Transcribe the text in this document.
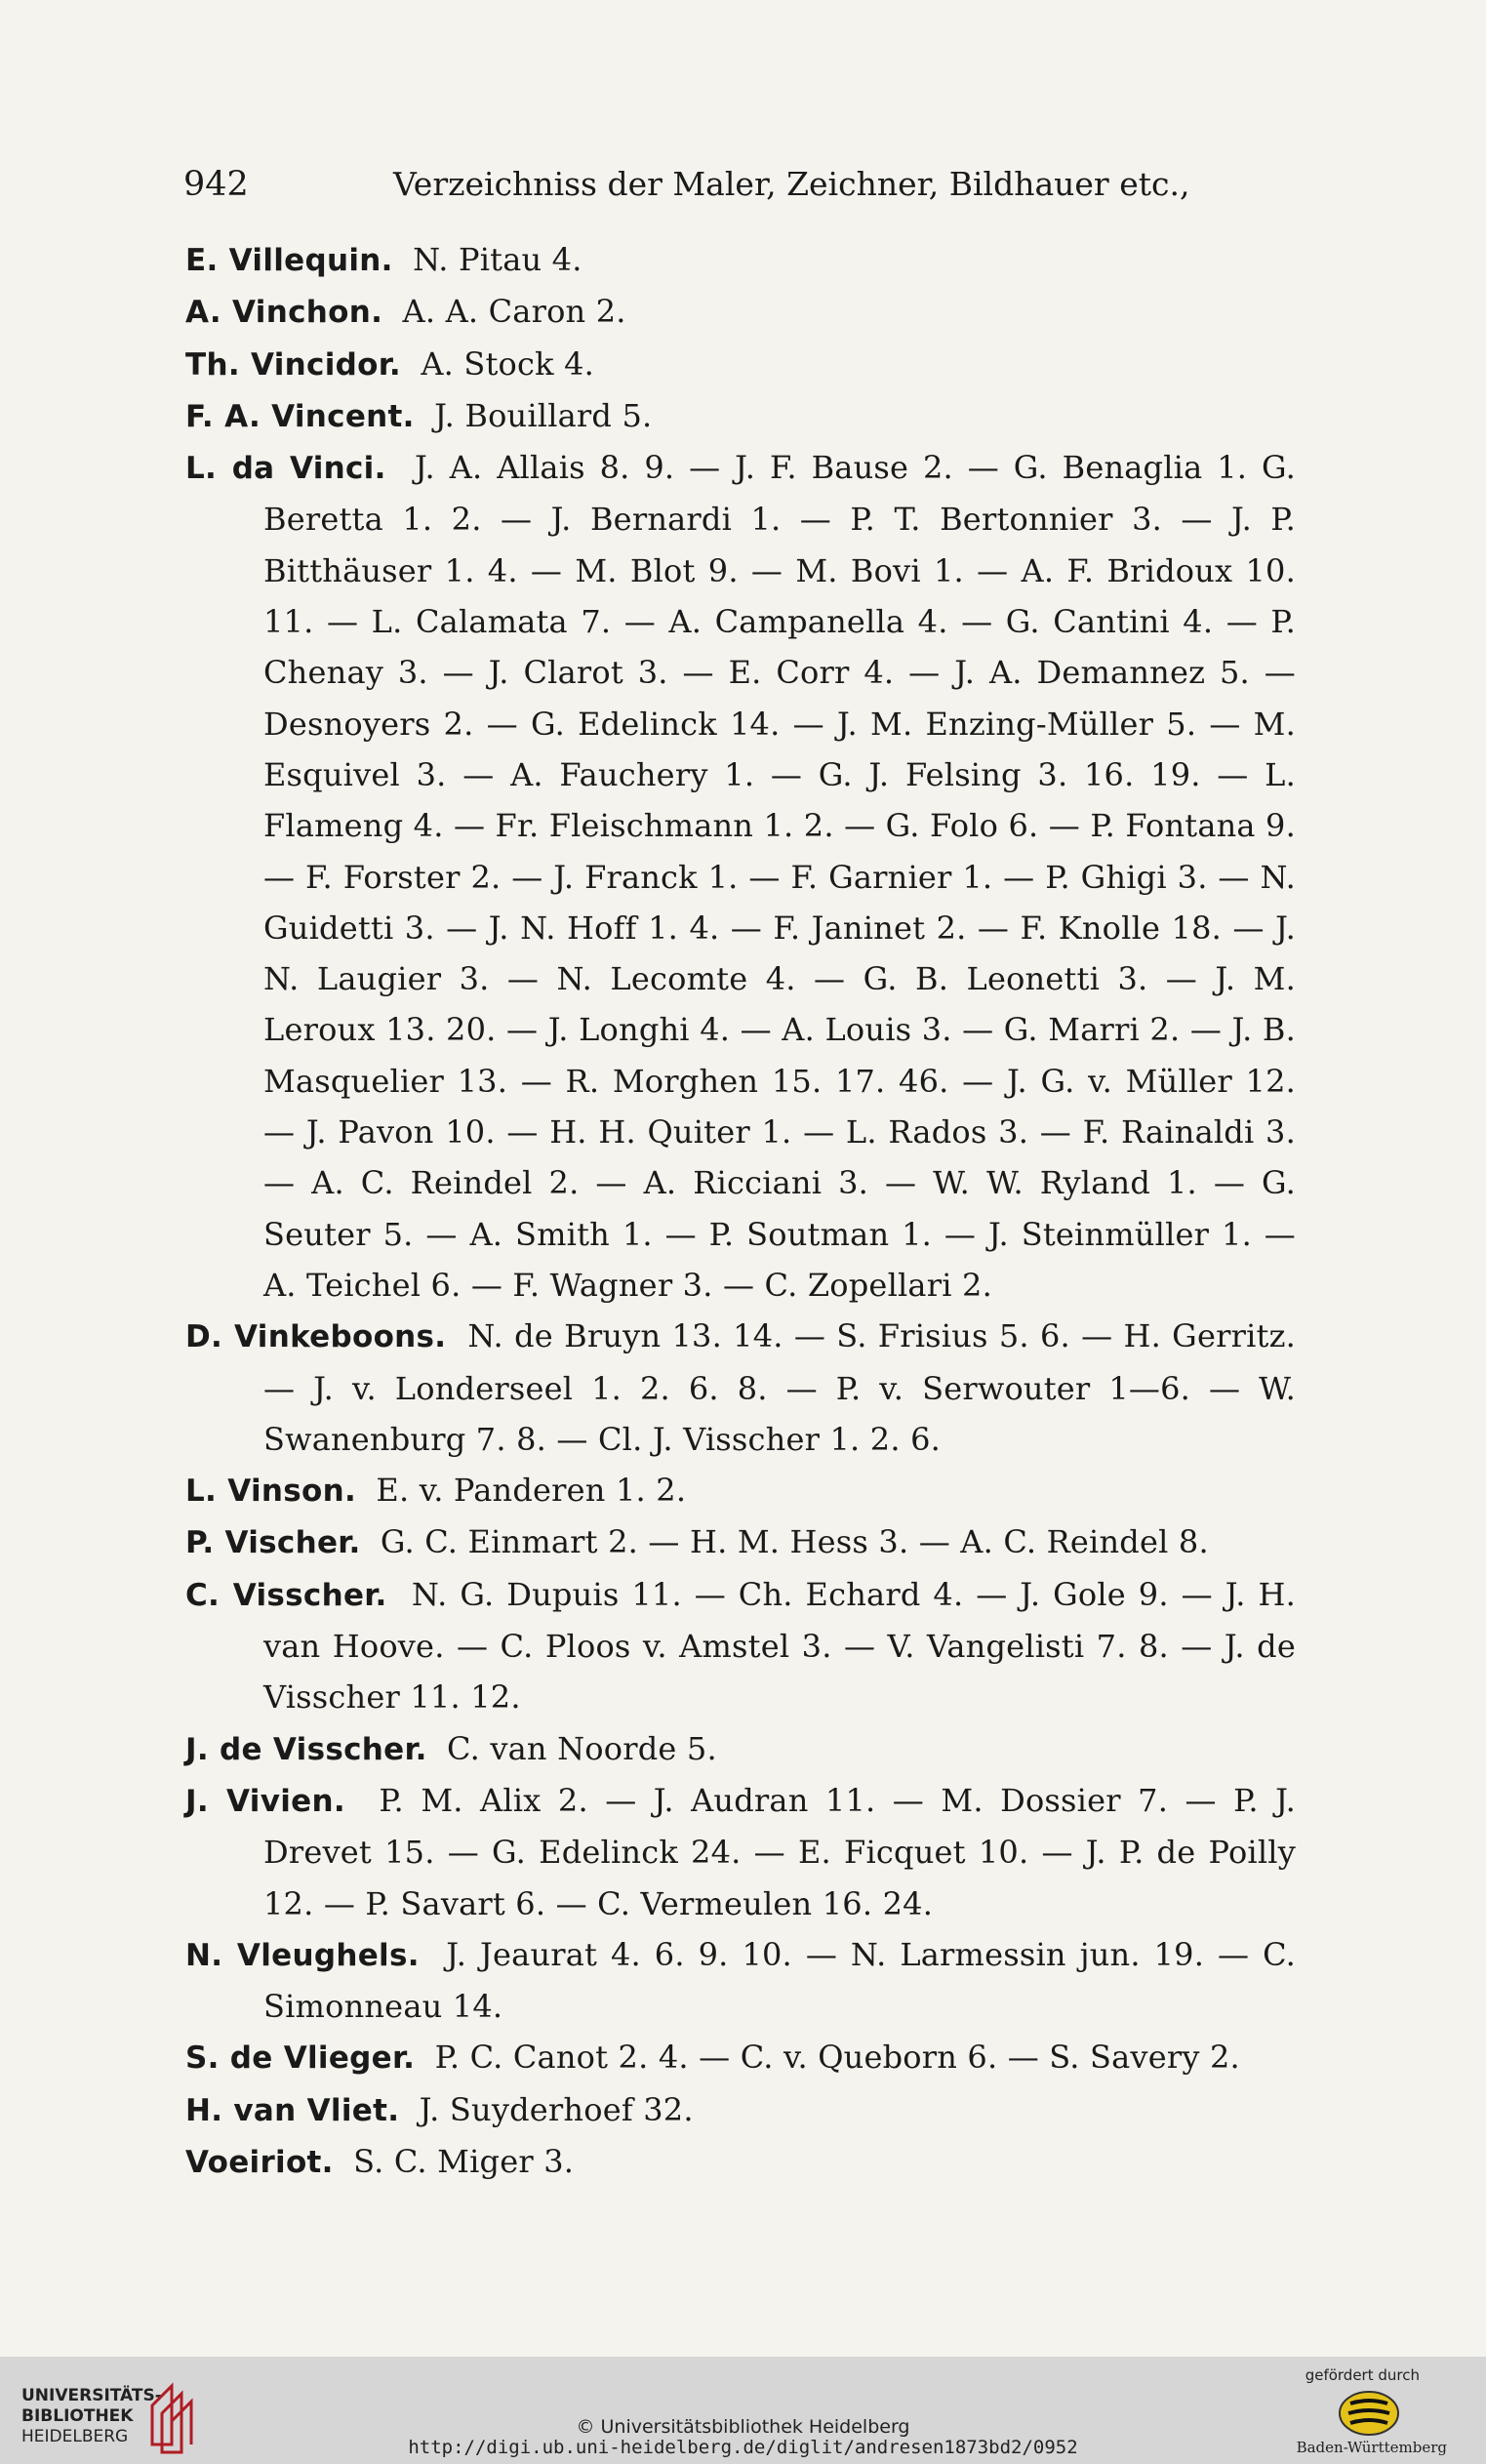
942	Verzeichniss der Maler, Zeichner, Bildhauer etc.,
E. Villequin. N. Pitau 4.
A. Vinchon. A. A. Caron 2.
Th. Vincidor. A. Stock 4.
F. A. Vincent. J. Bouillard 5.
L. da Vinci. J. A. Allais 8. 9. — J. F. Bause 2. — G. Benaglia 1. G. Beretta 1. 2. — J. Bernardi 1. — P. T. Bertonnier 3. — J. P. Bitthäuser 1. 4. — M. Blot 9. — M. Bovi 1. — A. F. Bridoux 10. 11. — L. Calamata 7. — A. Campanella 4. — G. Cantini 4. — P. Chenay 3. — J. Clarot 3. — E. Corr 4. — J. A. Demannez 5. — Desnoyers 2. — G. Edelinck 14. — J. M. Enzing-Müller 5. — M. Esquivel 3. — A. Fauchery 1. — G. J. Felsing 3. 16. 19. — L. Flameng 4. — Fr. Fleischmann 1. 2. — G. Folo 6. — P. Fontana 9. — F. Forster 2. — J. Franck 1. — F. Garnier 1. — P. Ghigi 3. — N. Guidetti 3. — J. N. Hoff 1. 4. — F. Janinet 2. — F. Knolle 18. — J. N. Laugier 3. — N. Lecomte 4. — G. B. Leonetti 3. — J. M. Leroux 13. 20. — J. Longhi 4. — A. Louis 3. — G. Marri 2. — J. B. Masquelier 13. — R. Morghen 15. 17. 46. — J. G. v. Müller 12. — J. Pavon 10. — H. H. Quiter 1. — L. Rados 3. — F. Rainaldi 3. — A. C. Reindel 2. — A. Ricciani 3. — W. W. Ryland 1. — G. Seuter 5. — A. Smith 1. — P. Soutman 1. — J. Steinmüller 1. — A. Teichel 6. — F. Wagner 3. — C. Zopellari 2.
D. Vinkeboons. N. de Bruyn 13. 14. — S. Frisius 5. 6. — H. Gerritz. — J. v. Londerseel 1. 2. 6. 8. — P. v. Serwouter 1—6. — W. Swanenburg 7. 8. — Cl. J. Visscher 1. 2. 6.
L. Vinson. E. v. Panderen 1. 2.
P. Vischer. G. C. Einmart 2. — H. M. Hess 3. — A. C. Reindel 8.
C. Visscher. N. G. Dupuis 11. — Ch. Echard 4. — J. Gole 9. — J. H. van Hoove. — C. Ploos v. Amstel 3. — V. Vangelisti 7. 8. — J. de Visscher 11. 12.
J. de Visscher. C. van Noorde 5.
J. Vivien. P. M. Alix 2. — J. Audran 11. — M. Dossier 7. — P. J. Drevet 15. — G. Edelinck 24. — E. Ficquet 10. — J. P. de Poilly 12. — P. Savart 6. — C. Vermeulen 16. 24.
N. Vleughels. J. Jeaurat 4. 6. 9. 10. — N. Larmessin jun. 19. — C. Simonneau 14.
S. de Vlieger. P. C. Canot 2. 4. — C. v. Queborn 6. — S. Savery 2.
H. van Vliet. J. Suyderhoef 32.
Voeiriot. S. C. Miger 3.
UNIVERSITÄTS-
BIBLIOTHEK
HEIDELBERG	© Universitätsbibliothek Heidelberg
http://digi.ub.uni-heidelberg.de/diglit/andresen1873bd2/0952
gefördert durch
Baden-Württemberg
